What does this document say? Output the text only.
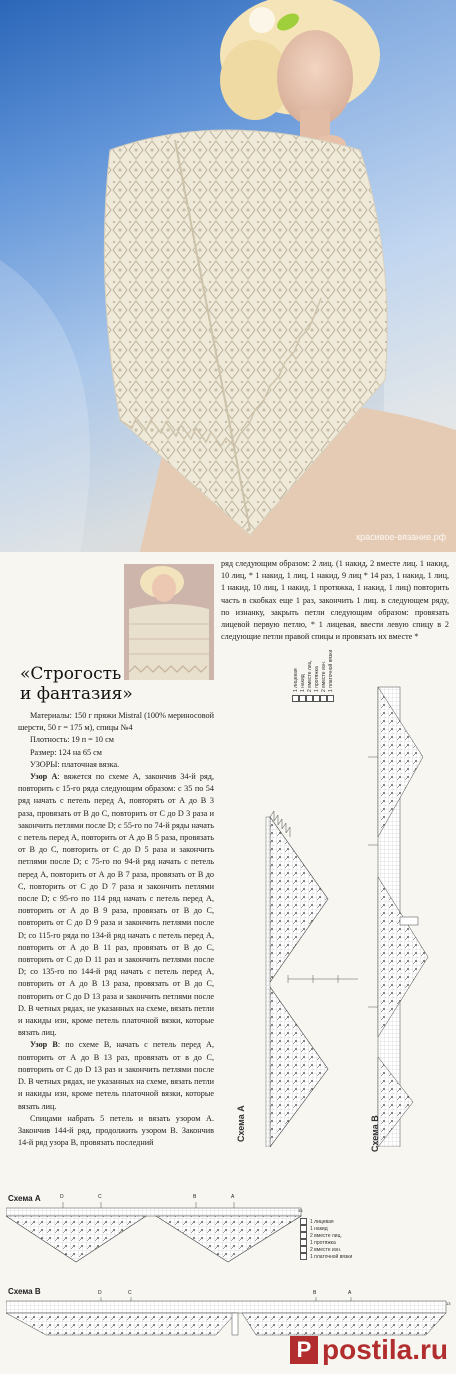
красивое-вязание.рф
«Строгость
и фантазия»

Материалы: 150 г пряжи Mistral (100% мериносовой шерсти, 50 г = 175 м), спицы №4

Плотность: 19 п = 10 см

Размер: 124 на 65 см

УЗОРЫ: платочная вязка.

Узор А: вяжется по схеме А, закончив 34-й ряд, повторить с 15-го ряда следующим образом: с 35 по 54 ряд начать с петель перед А, повторять от А до В 3 раза, провязать от В до С, повторить от С до D 3 раза и закончить петлями после D; с 55-го по 74-й ряды начать с петель перед А, повторить от А до В 5 раза, провязать от В до С, повторить от С до D 5 раза и закончить петлями после D; с 75-го по 94-й ряд начать с петель перед А, повторить от А до В 7 раза, провязать от В до С, повторить от С до D 7 раза и закончить петлями после D; с 95-го по 114 ряд начать с петель перед А, повторить от А до В 9 раза, провязать от В до С, повторить от С до D 9 раза и закончить петлями после D; со 115-го ряда по 134-й ряд начать с петель перед А, повторить от А до В 11 раз, провязать от В до С, повторить от С до D 11 раз и закончить петлями после D; со 135-го по 144-й ряд начать с петель перед А, повторить от А до В 13 раза, провязать от В до С, повторить от С до D 13 раза и закончить петлями после D. В четных рядах, не указанных на схеме, вязать петли и накиды изн, кроме петель платочной вязки, которые вязать лиц.

Узор В: по схеме В, начать с петель перед А, повторить от А до В 13 раз, провязать от в до С, повторить от С до D 13 раз и закончить петлями после D. В четных рядах, не указанных на схеме, вязать петли и накиды изн, кроме петель платочной вязки, которые вязать лиц.

Спицами набрать 5 петель и вязать узором А. Закончив 144-й ряд, продолжить узором В. Закончив 14-й ряд узора В, провязать последний

ряд следующим образом: 2 лиц. (1 накид, 2 вместе лиц. 1 накид, 10 лиц, * 1 накид, 1 лиц, 1 накид, 9 лиц * 14 раз, 1 накид, 1 лиц, 1 накид, 10 лиц, 1 накид, 1 протяжка, 1 накид, 1 лиц) повторить часть в скобках еще 1 раз, закончить 1 лиц. в следующем ряду, по изнанку, закрыть петли следующим образом: провязать лицевой первую петлю, * 1 лицевая, ввести левую спицу в 2 следующие петли правой спицы и провязать их вместе *
Схема А	Схема В
1 лицевая 1 накид 2 вместе лиц. 1 протяжка 2 вместе изн. 1 платочной вязки
Схема А	D	С	В	А
33
1 лицевая
1 накид
2 вместе лиц.
1 протяжка
2 вместе изн.
1 платочной вязки
Схема В	D	С	В	А
13
P postila.ru
